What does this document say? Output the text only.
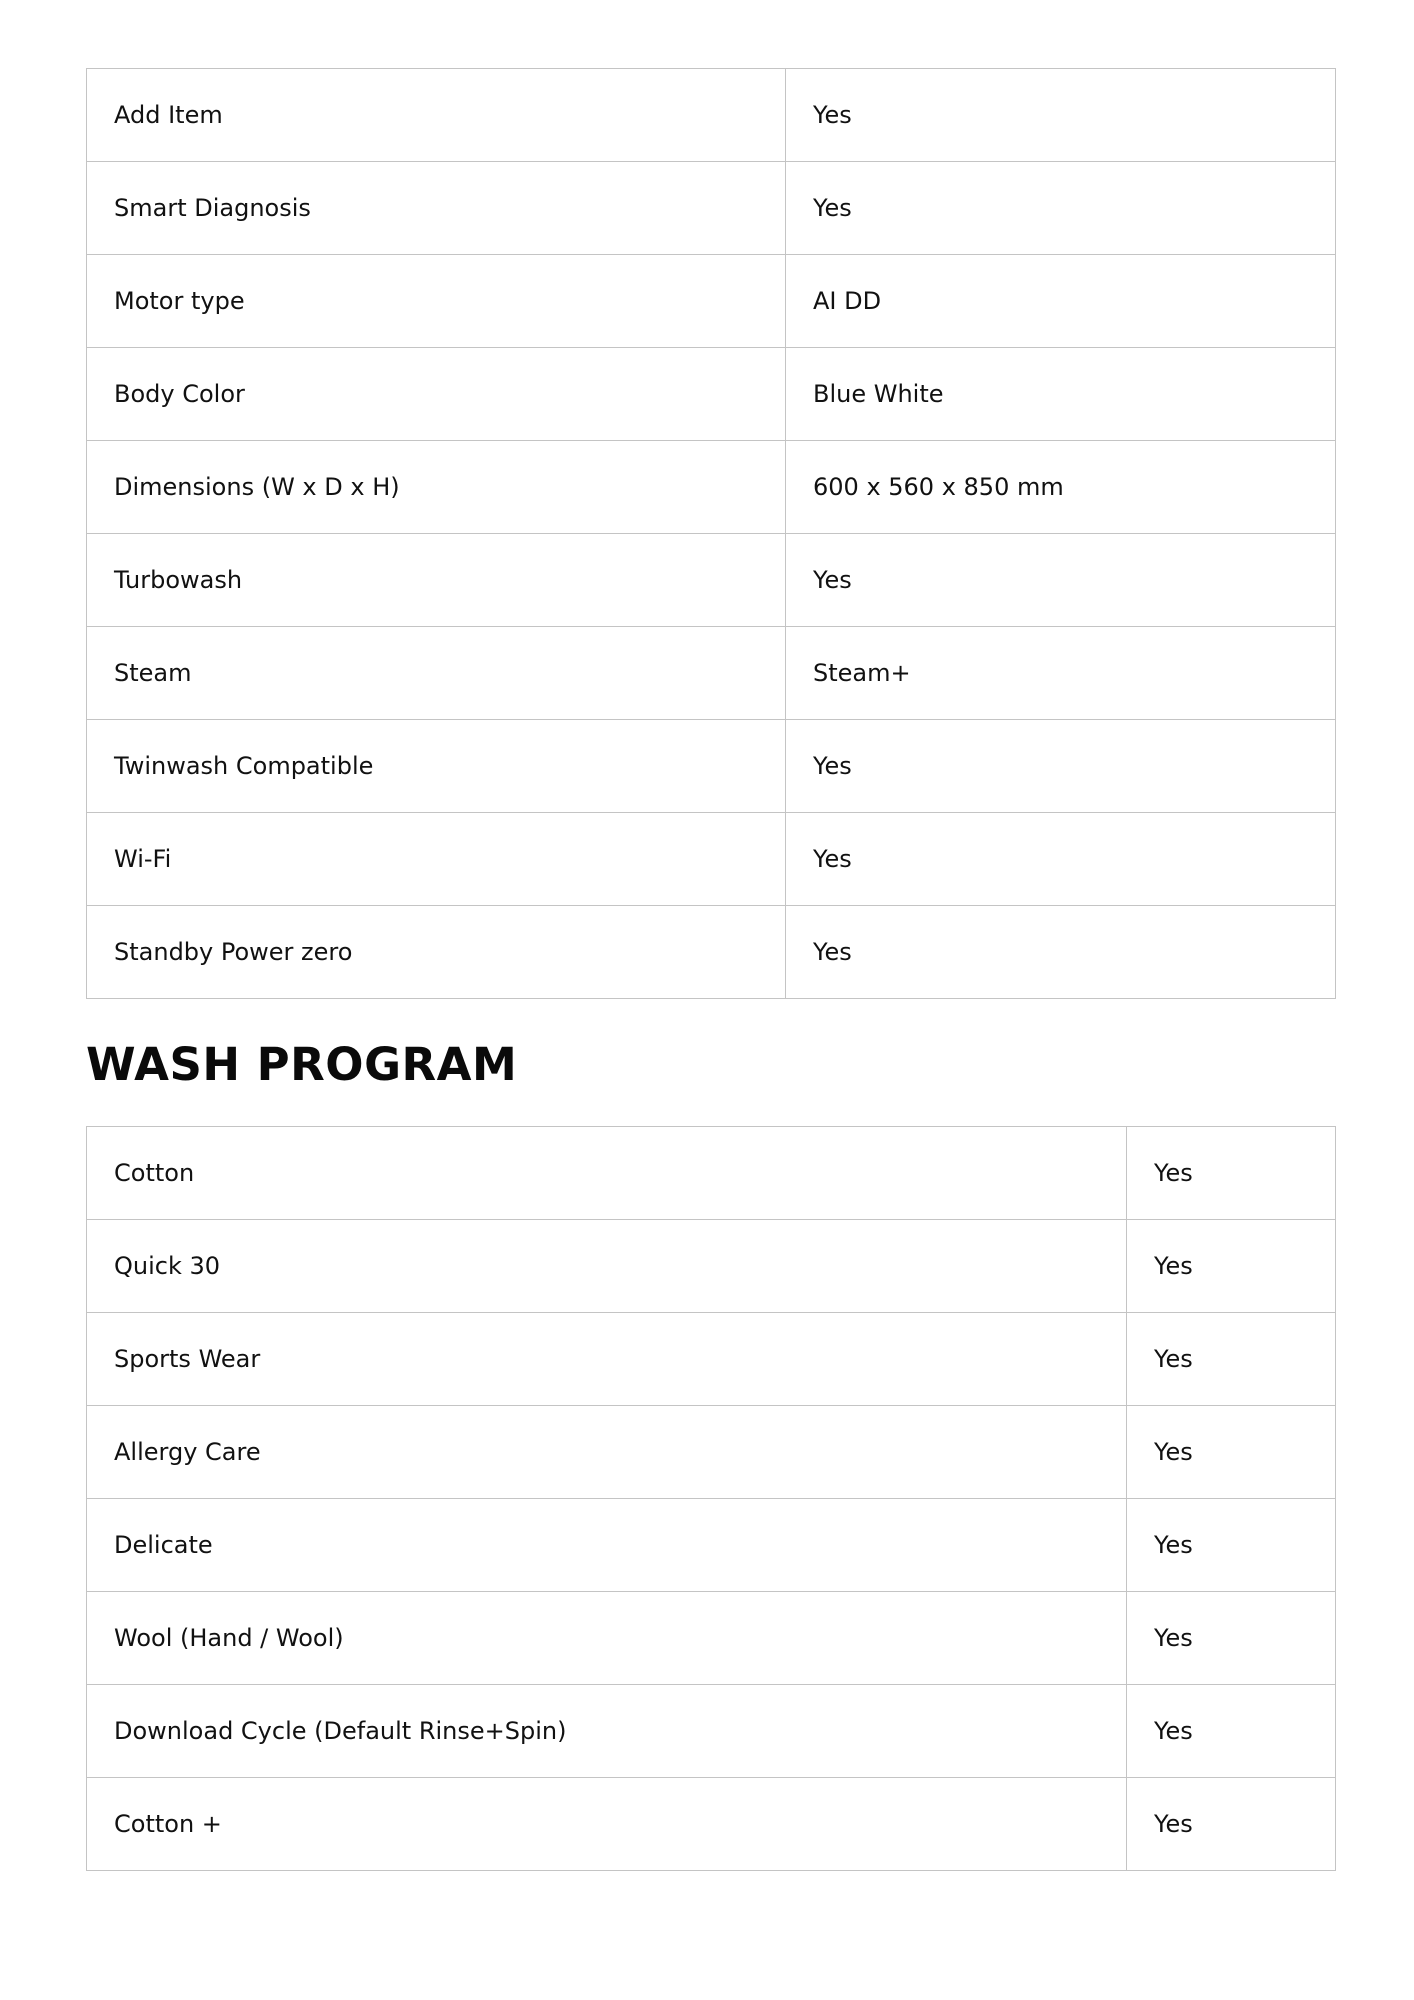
Add Item	Yes
Smart Diagnosis	Yes
Motor type	AI DD
Body Color	Blue White
Dimensions (W x D x H)	600 x 560 x 850 mm
Turbowash	Yes
Steam	Steam+
Twinwash Compatible	Yes
Wi-Fi	Yes
Standby Power zero	Yes
WASH PROGRAM
Cotton	Yes
Quick 30	Yes
Sports Wear	Yes
Allergy Care	Yes
Delicate	Yes
Wool (Hand / Wool)	Yes
Download Cycle (Default Rinse+Spin)	Yes
Cotton +	Yes
